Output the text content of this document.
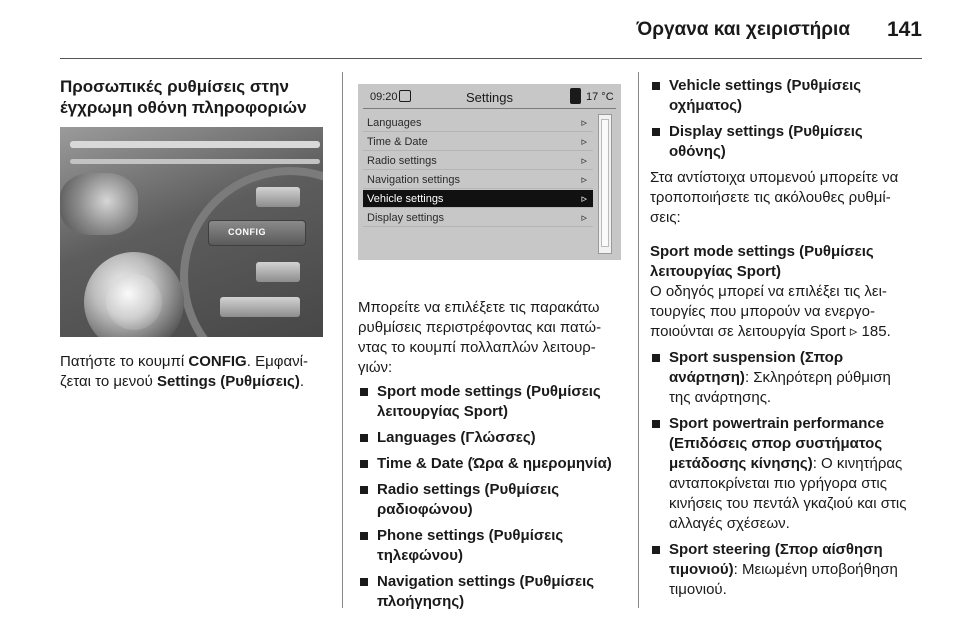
Όργανα και χειριστήρια 141
Προσωπικές ρυθμίσεις στην
έγχρωμη οθόνη πληροφοριών
CONFIG

Πατήστε το κουμπί CONFIG. Εμφανί-
ζεται το μενού Settings (Ρυθμίσεις).

09:20	Settings	17 °C
Languages	▹
Time & Date	▹
Radio settings	▹
Navigation settings	▹
Vehicle settings	▹
Display settings	▹

Μπορείτε να επιλέξετε τις παρακάτω
ρυθμίσεις περιστρέφοντας και πατώ-
ντας το κουμπί πολλαπλών λειτουρ-
γιών:

Sport mode settings (Ρυθμίσεις
λειτουργίας Sport)
Languages (Γλώσσες)
Time & Date (Ώρα & ημερομηνία)
Radio settings (Ρυθμίσεις
ραδιοφώνου)
Phone settings (Ρυθμίσεις
τηλεφώνου)
Navigation settings (Ρυθμίσεις
πλοήγησης)
Vehicle settings (Ρυθμίσεις
οχήματος)
Display settings (Ρυθμίσεις
οθόνης)

Στα αντίστοιχα υπομενού μπορείτε να
τροποποιήσετε τις ακόλουθες ρυθμί-
σεις:

Sport mode settings (Ρυθμίσεις
λειτουργίας Sport)

Ο οδηγός μπορεί να επιλέξει τις λει-
τουργίες που μπορούν να ενεργο-
ποιούνται σε λειτουργία Sport ▹ 185.

Sport suspension (Σπορ
ανάρτηση): Σκληρότερη ρύθμιση
της ανάρτησης.
Sport powertrain performance
(Επιδόσεις σπορ συστήματος
μετάδοσης κίνησης): Ο κινητήρας
ανταποκρίνεται πιο γρήγορα στις
κινήσεις του πεντάλ γκαζιού και στις
αλλαγές σχέσεων.
Sport steering (Σπορ αίσθηση
τιμονιού): Μειωμένη υποβοήθηση
τιμονιού.
